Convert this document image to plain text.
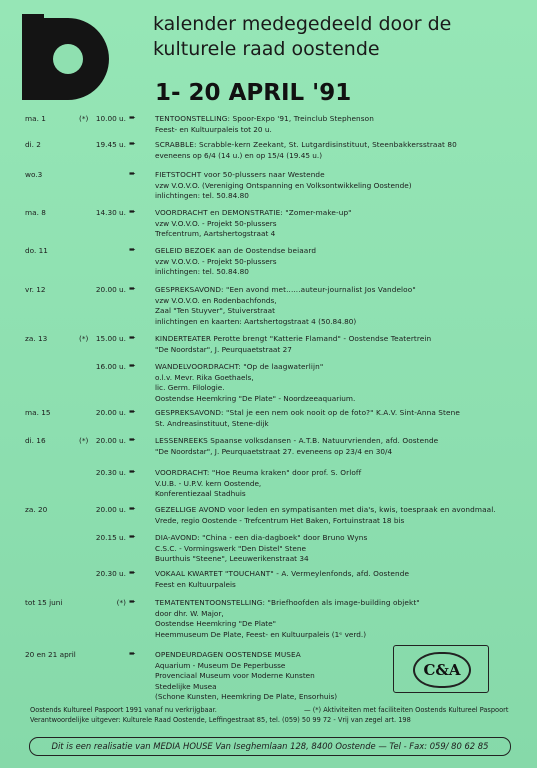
kalender medegedeeld door de
kulturele raad oostende
1- 20 APRIL '91
ma. 1	(*) 10.00 u. ➨	TENTOONSTELLING: Spoor-Expo '91, Treinclub Stephenson
Feest- en Kultuurpaleis tot 20 u.
di. 2	19.45 u. ➨	SCRABBLE: Scrabble-kern Zeekant, St. Lutgardisinstituut, Steenbakkersstraat 80
eveneens op 6/4 (14 u.) en op 15/4 (19.45 u.)
wo.3	➨	FIETSTOCHT voor 50-plussers naar Westende
vzw V.O.V.O. (Vereniging Ontspanning en Volksontwikkeling Oostende)
inlichtingen: tel. 50.84.80
ma. 8	14.30 u. ➨	VOORDRACHT en DEMONSTRATIE: "Zomer-make-up"
vzw V.O.V.O. - Projekt 50-plussers
Trefcentrum, Aartshertogstraat 4
do. 11	➨	GELEID BEZOEK aan de Oostendse beiaard
vzw V.O.V.O. - Projekt 50-plussers
inlichtingen: tel. 50.84.80
vr. 12	20.00 u. ➨	GESPREKSAVOND: "Een avond met......auteur-journalist Jos Vandeloo"
vzw V.O.V.O. en Rodenbachfonds,
Zaal "Ten Stuyver", Stuiverstraat
inlichtingen en kaarten: Aartshertogstraat 4 (50.84.80)
za. 13	(*) 15.00 u. ➨	KINDERTEATER Perotte brengt "Katterie Flamand" - Oostendse Teatertrein
"De Noordstar", J. Peurquaetstraat 27
16.00 u. ➨	WANDELVOORDRACHT: "Op de laagwaterlijn"
o.l.v. Mevr. Rika Goethaels,
lic. Germ. Filologie.
Oostendse Heemkring "De Plate" - Noordzeeaquarium.
ma. 15	20.00 u. ➨	GESPREKSAVOND: "Stal je een nem ook nooit op de foto?" K.A.V. Sint-Anna Stene
St. Andreasinstituut, Stene-dijk
di. 16	(*) 20.00 u. ➨	LESSENREEKS Spaanse volksdansen - A.T.B. Natuurvrienden, afd. Oostende
"De Noordstar", J. Peurquaetstraat 27. eveneens op 23/4 en 30/4
20.30 u. ➨	VOORDRACHT: "Hoe Reuma kraken" door prof. S. Orloff
V.U.B. - U.P.V. kern Oostende,
Konferentiezaal Stadhuis
za. 20	20.00 u. ➨	GEZELLIGE AVOND voor leden en sympatisanten met dia's, kwis, toespraak en avondmaal.
Vrede, regio Oostende - Trefcentrum Het Baken, Fortuinstraat 18 bis
20.15 u. ➨	DIA-AVOND: "China - een dia-dagboek" door Bruno Wyns
C.S.C. - Vormingswerk "Den Distel" Stene
Buurthuis "Steene", Leeuwerikenstraat 34
20.30 u. ➨	VOKAAL KWARTET "TOUCHANT" - A. Vermeylenfonds, afd. Oostende
Feest en Kultuurpaleis
tot 15 juni	(*) ➨	TEMATENTENTOONSTELLING: "Briefhoofden als image-building objekt"
door dhr. W. Major,
Oostendse Heemkring "De Plate"
Heemmuseum De Plate, Feest- en Kultuurpaleis (1ᵉ verd.)
20 en 21 april	➨	OPENDEURDAGEN OOSTENDSE MUSEA
Aquarium - Museum De Peperbusse
Provenciaal Museum voor Moderne Kunsten
Stedelijke Musea
(Schone Kunsten, Heemkring De Plate, Ensorhuis)
C&A
Oostends Kultureel Paspoort 1991 vanaf nu verkrijgbaar.	— (*) Aktiviteiten met faciliteiten Oostends Kultureel Paspoort
Verantwoordelijke uitgever: Kulturele Raad Oostende, Leffingestraat 85, tel. (059) 50 99 72 - Vrij van zegel art. 198
Dit is een realisatie van MEDIA HOUSE Van Iseghemlaan 128, 8400 Oostende — Tel - Fax: 059/ 80 62 85
